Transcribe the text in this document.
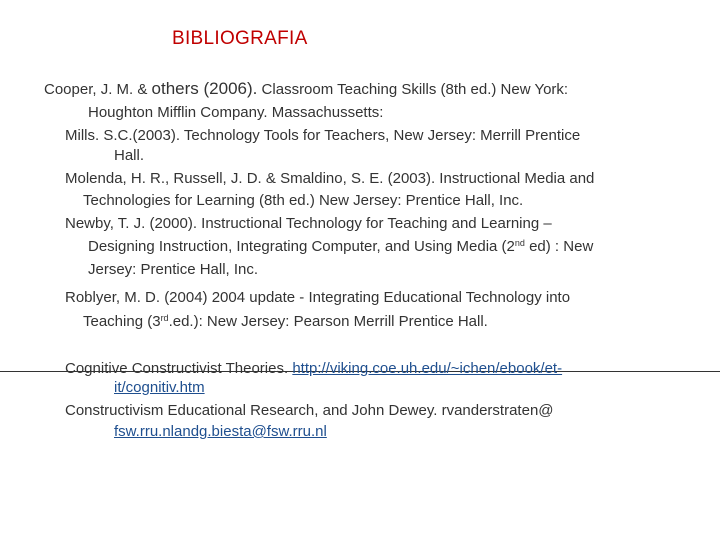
BIBLIOGRAFIA
Cooper, J. M. & others (2006). Classroom Teaching Skills (8th ed.) New York:
Houghton Mifflin Company. Massachussetts:
Mills. S.C.(2003). Technology Tools for Teachers, New Jersey: Merrill Prentice
Hall.
Molenda, H. R., Russell, J. D. & Smaldino, S. E. (2003). Instructional Media and
Technologies for Learning (8th ed.) New Jersey: Prentice Hall, Inc.
Newby, T. J. (2000). Instructional Technology for Teaching and Learning –
Designing Instruction, Integrating Computer, and Using Media (2nd ed) : New
Jersey: Prentice Hall, Inc.
Roblyer, M. D. (2004) 2004 update - Integrating Educational Technology into
Teaching (3rd.ed.): New Jersey: Pearson Merrill Prentice Hall.
Cognitive Constructivist Theories. http://viking.coe.uh.edu/~ichen/ebook/et-
it/cognitiv.htm
Constructivism Educational Research, and John Dewey. rvanderstraten@
fsw.rru.nlandg.biesta@fsw.rru.nl
